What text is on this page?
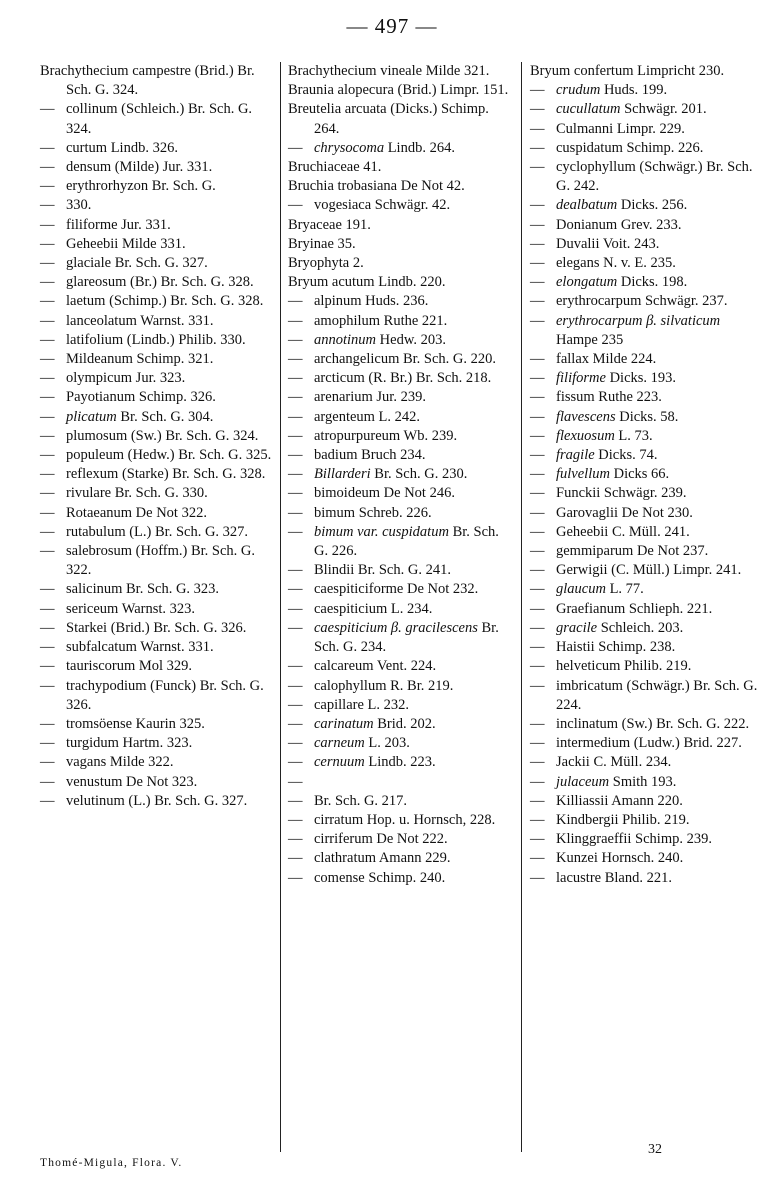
— 497 —

Brachythecium campestre (Brid.) Br. Sch. G. 324.

— collinum (Schleich.) Br. Sch. G. 324.

— curtum Lindb. 326.

— densum (Milde) Jur. 331.

— erythrorhyzon Br. Sch. G.

— 330.

— filiforme Jur. 331.

— Geheebii Milde 331.

— glaciale Br. Sch. G. 327.

— glareosum (Br.) Br. Sch. G. 328.

— laetum (Schimp.) Br. Sch. G. 328.

— lanceolatum Warnst. 331.

— latifolium (Lindb.) Philib. 330.

— Mildeanum Schimp. 321.

— olympicum Jur. 323.

— Payotianum Schimp. 326.

— plicatum Br. Sch. G. 304.

— plumosum (Sw.) Br. Sch. G. 324.

— populeum (Hedw.) Br. Sch. G. 325.

— reflexum (Starke) Br. Sch. G. 328.

— rivulare Br. Sch. G. 330.

— Rotaeanum De Not 322.

— rutabulum (L.) Br. Sch. G. 327.

— salebrosum (Hoffm.) Br. Sch. G. 322.

— salicinum Br. Sch. G. 323.

— sericeum Warnst. 323.

— Starkei (Brid.) Br. Sch. G. 326.

— subfalcatum Warnst. 331.

— tauriscorum Mol 329.

— trachypodium (Funck) Br. Sch. G. 326.

— tromsöense Kaurin 325.

— turgidum Hartm. 323.

— vagans Milde 322.

— venustum De Not 323.

— velutinum (L.) Br. Sch. G. 327.

Brachythecium vineale Milde 321.

Braunia alopecura (Brid.) Limpr. 151.

Breutelia arcuata (Dicks.) Schimp. 264.

— chrysocoma Lindb. 264.

Bruchiaceae 41.

Bruchia trobasiana De Not 42.

— vogesiaca Schwägr. 42.

Bryaceae 191.

Bryinae 35.

Bryophyta 2.

Bryum acutum Lindb. 220.

— alpinum Huds. 236.

— amophilum Ruthe 221.

— annotinum Hedw. 203.

— archangelicum Br. Sch. G. 220.

— arcticum (R. Br.) Br. Sch. 218.

— arenarium Jur. 239.

— argenteum L. 242.

— atropurpureum Wb. 239.

— badium Bruch 234.

— Billarderi Br. Sch. G. 230.

— bimoideum De Not 246.

— bimum Schreb. 226.

— bimum var. cuspidatum Br. Sch. G. 226.

— Blindii Br. Sch. G. 241.

— caespiticiforme De Not 232.

— caespiticium L. 234.

— caespiticium β. gracilescens Br. Sch. G. 234.

— calcareum Vent. 224.

— calophyllum R. Br. 219.

— capillare L. 232.

— carinatum Brid. 202.

— carneum L. 203.

— cernuum Lindb. 223.

— — Br. Sch. G. 217.

— cirratum Hop. u. Hornsch, 228.

— cirriferum De Not 222.

— clathratum Amann 229.

— comense Schimp. 240.

Bryum confertum Limpricht 230.

— crudum Huds. 199.

— cucullatum Schwägr. 201.

— Culmanni Limpr. 229.

— cuspidatum Schimp. 226.

— cyclophyllum (Schwägr.) Br. Sch. G. 242.

— dealbatum Dicks. 256.

— Donianum Grev. 233.

— Duvalii Voit. 243.

— elegans N. v. E. 235.

— elongatum Dicks. 198.

— erythrocarpum Schwägr. 237.

— erythrocarpum β. silvaticum Hampe 235

— fallax Milde 224.

— filiforme Dicks. 193.

— fissum Ruthe 223.

— flavescens Dicks. 58.

— flexuosum L. 73.

— fragile Dicks. 74.

— fulvellum Dicks 66.

— Funckii Schwägr. 239.

— Garovaglii De Not 230.

— Geheebii C. Müll. 241.

— gemmiparum De Not 237.

— Gerwigii (C. Müll.) Limpr. 241.

— glaucum L. 77.

— Graefianum Schlieph. 221.

— gracile Schleich. 203.

— Haistii Schimp. 238.

— helveticum Philib. 219.

— imbricatum (Schwägr.) Br. Sch. G. 224.

— inclinatum (Sw.) Br. Sch. G. 222.

— intermedium (Ludw.) Brid. 227.

— Jackii C. Müll. 234.

— julaceum Smith 193.

— Killiassii Amann 220.

— Kindbergii Philib. 219.

— Klinggraeffii Schimp. 239.

— Kunzei Hornsch. 240.

— lacustre Bland. 221.

Thomé-Migula, Flora. V.
32
